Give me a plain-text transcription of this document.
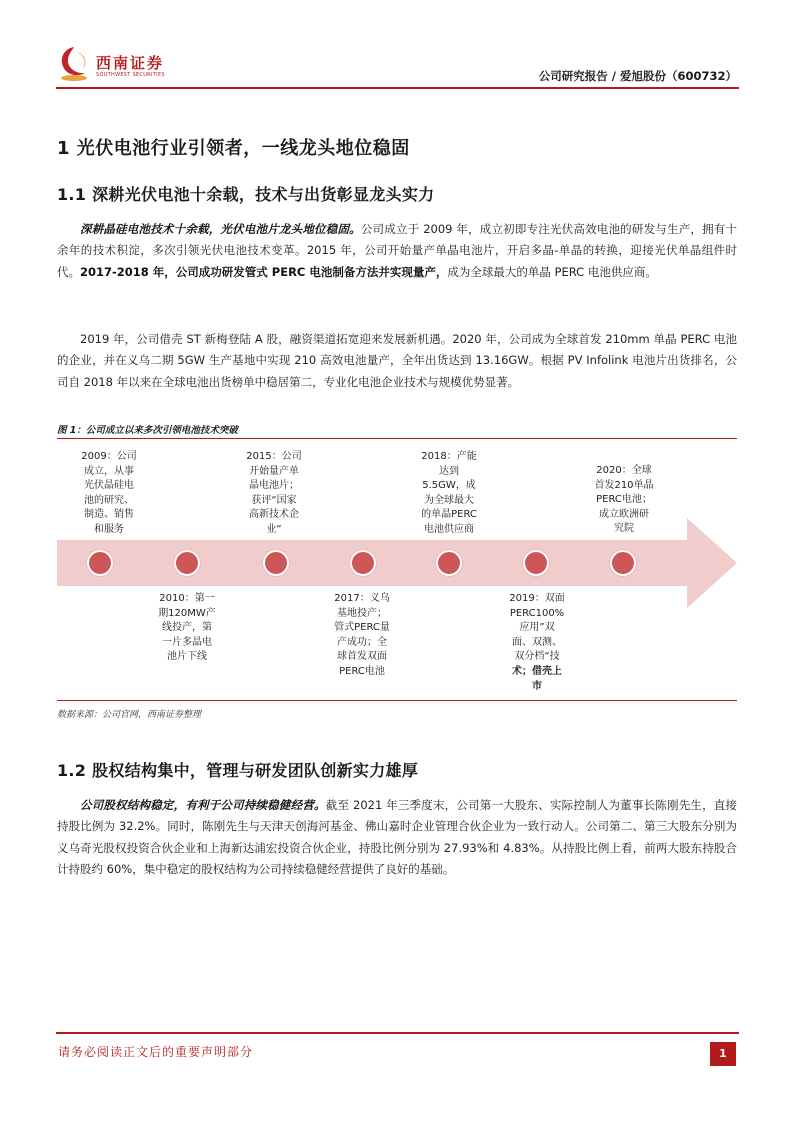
西南证券
SOUTHWEST SECURITIES	公司研究报告 / 爱旭股份（600732）
1 光伏电池行业引领者，一线龙头地位稳固
1.1 深耕光伏电池十余载，技术与出货彰显龙头实力
深耕晶硅电池技术十余载，光伏电池片龙头地位稳固。公司成立于 2009 年，成立初即专注光伏高效电池的研发与生产，拥有十余年的技术积淀，多次引领光伏电池技术变革。2015 年，公司开始量产单晶电池片，开启多晶-单晶的转换，迎接光伏单晶组件时代。2017-2018 年，公司成功研发管式 PERC 电池制备方法并实现量产，成为全球最大的单晶 PERC 电池供应商。
2019 年，公司借壳 ST 新梅登陆 A 股，融资渠道拓宽迎来发展新机遇。2020 年，公司成为全球首发 210mm 单晶 PERC 电池的企业，并在义乌二期 5GW 生产基地中实现 210 高效电池量产，全年出货达到 13.16GW。根据 PV Infolink 电池片出货排名，公司自 2018 年以来在全球电池出货榜单中稳居第二，专业化电池企业技术与规模优势显著。
图 1：公司成立以来多次引领电池技术突破
2009：公司
成立，从事
光伏晶硅电
池的研究、
制造、销售
和服务
2015：公司
开始量产单
晶电池片；
获评“国家
高新技术企
业”
2018：产能
达到
5.5GW，成
为全球最大
的单晶PERC
电池供应商
2020：全球
首发210单晶
PERC电池；
成立欧洲研
究院
2010：第一
期120MW产
线投产，第
一片多晶电
池片下线
2017：义乌
基地投产；
管式PERC量
产成功；全
球首发双面
PERC电池
2019：双面
PERC100%
应用”双
面、双测、
双分档“技
术；借壳上
市
数据来源：公司官网，西南证券整理
1.2 股权结构集中，管理与研发团队创新实力雄厚
公司股权结构稳定，有利于公司持续稳健经营。截至 2021 年三季度末，公司第一大股东、实际控制人为董事长陈刚先生，直接持股比例为 32.2%。同时，陈刚先生与天津天创海河基金、佛山嘉时企业管理合伙企业为一致行动人。公司第二、第三大股东分别为义乌奇光股权投资合伙企业和上海新达浦宏投资合伙企业，持股比例分别为 27.93%和 4.83%。从持股比例上看，前两大股东持股合计持股约 60%，集中稳定的股权结构为公司持续稳健经营提供了良好的基础。
请务必阅读正文后的重要声明部分	1
